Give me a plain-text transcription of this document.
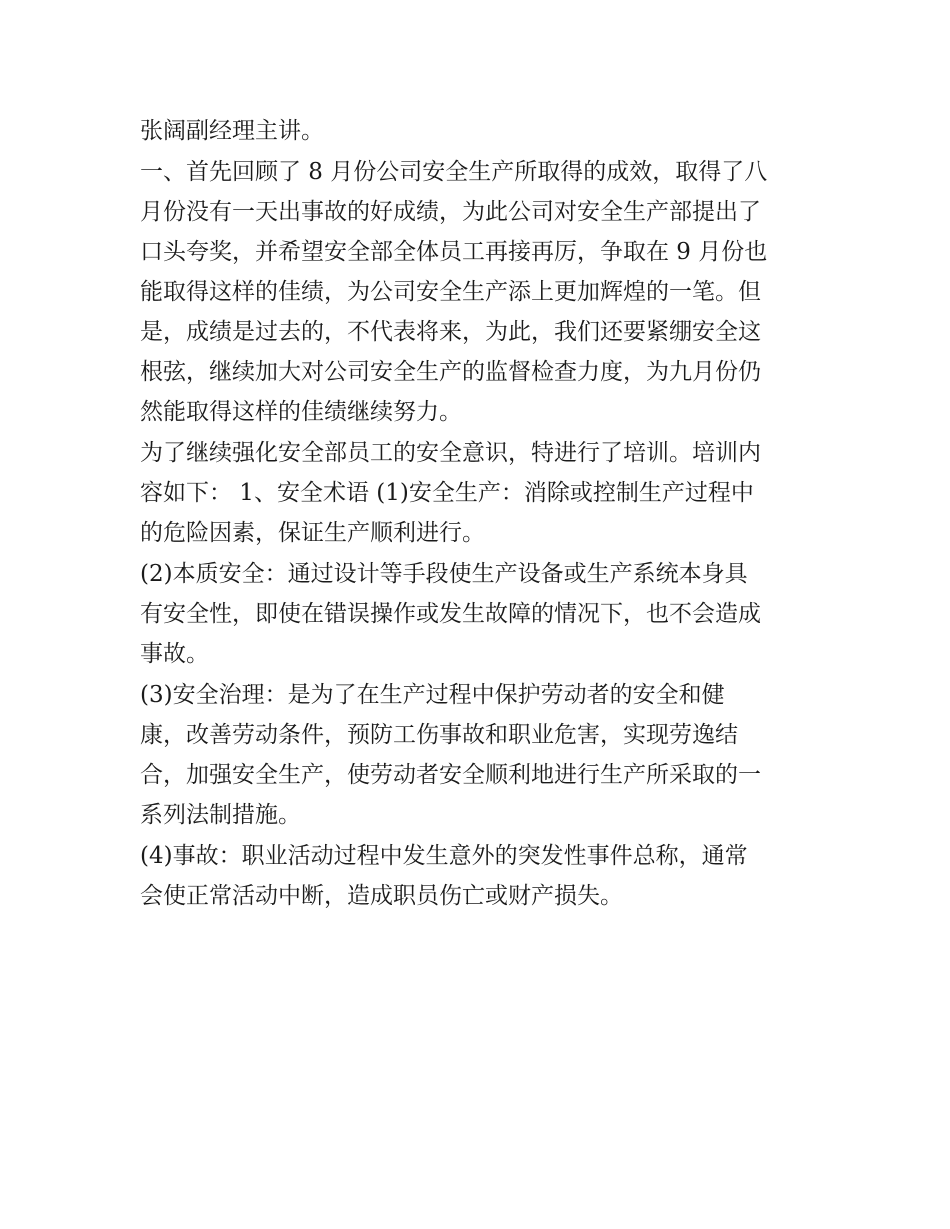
张阔副经理主讲。

一、首先回顾了 8 月份公司安全生产所取得的成效，取得了八
月份没有一天出事故的好成绩，为此公司对安全生产部提出了
口头夸奖，并希望安全部全体员工再接再厉，争取在 9 月份也
能取得这样的佳绩，为公司安全生产添上更加辉煌的一笔。但
是，成绩是过去的，不代表将来，为此，我们还要紧绷安全这
根弦，继续加大对公司安全生产的监督检查力度，为九月份仍
然能取得这样的佳绩继续努力。

为了继续强化安全部员工的安全意识，特进行了培训。培训内
容如下： 1、安全术语 (1)安全生产：消除或控制生产过程中
的危险因素，保证生产顺利进行。

(2)本质安全：通过设计等手段使生产设备或生产系统本身具
有安全性，即使在错误操作或发生故障的情况下，也不会造成
事故。

(3)安全治理：是为了在生产过程中保护劳动者的安全和健
康，改善劳动条件，预防工伤事故和职业危害，实现劳逸结
合，加强安全生产，使劳动者安全顺利地进行生产所采取的一
系列法制措施。

(4)事故：职业活动过程中发生意外的突发性事件总称，通常
会使正常活动中断，造成职员伤亡或财产损失。
